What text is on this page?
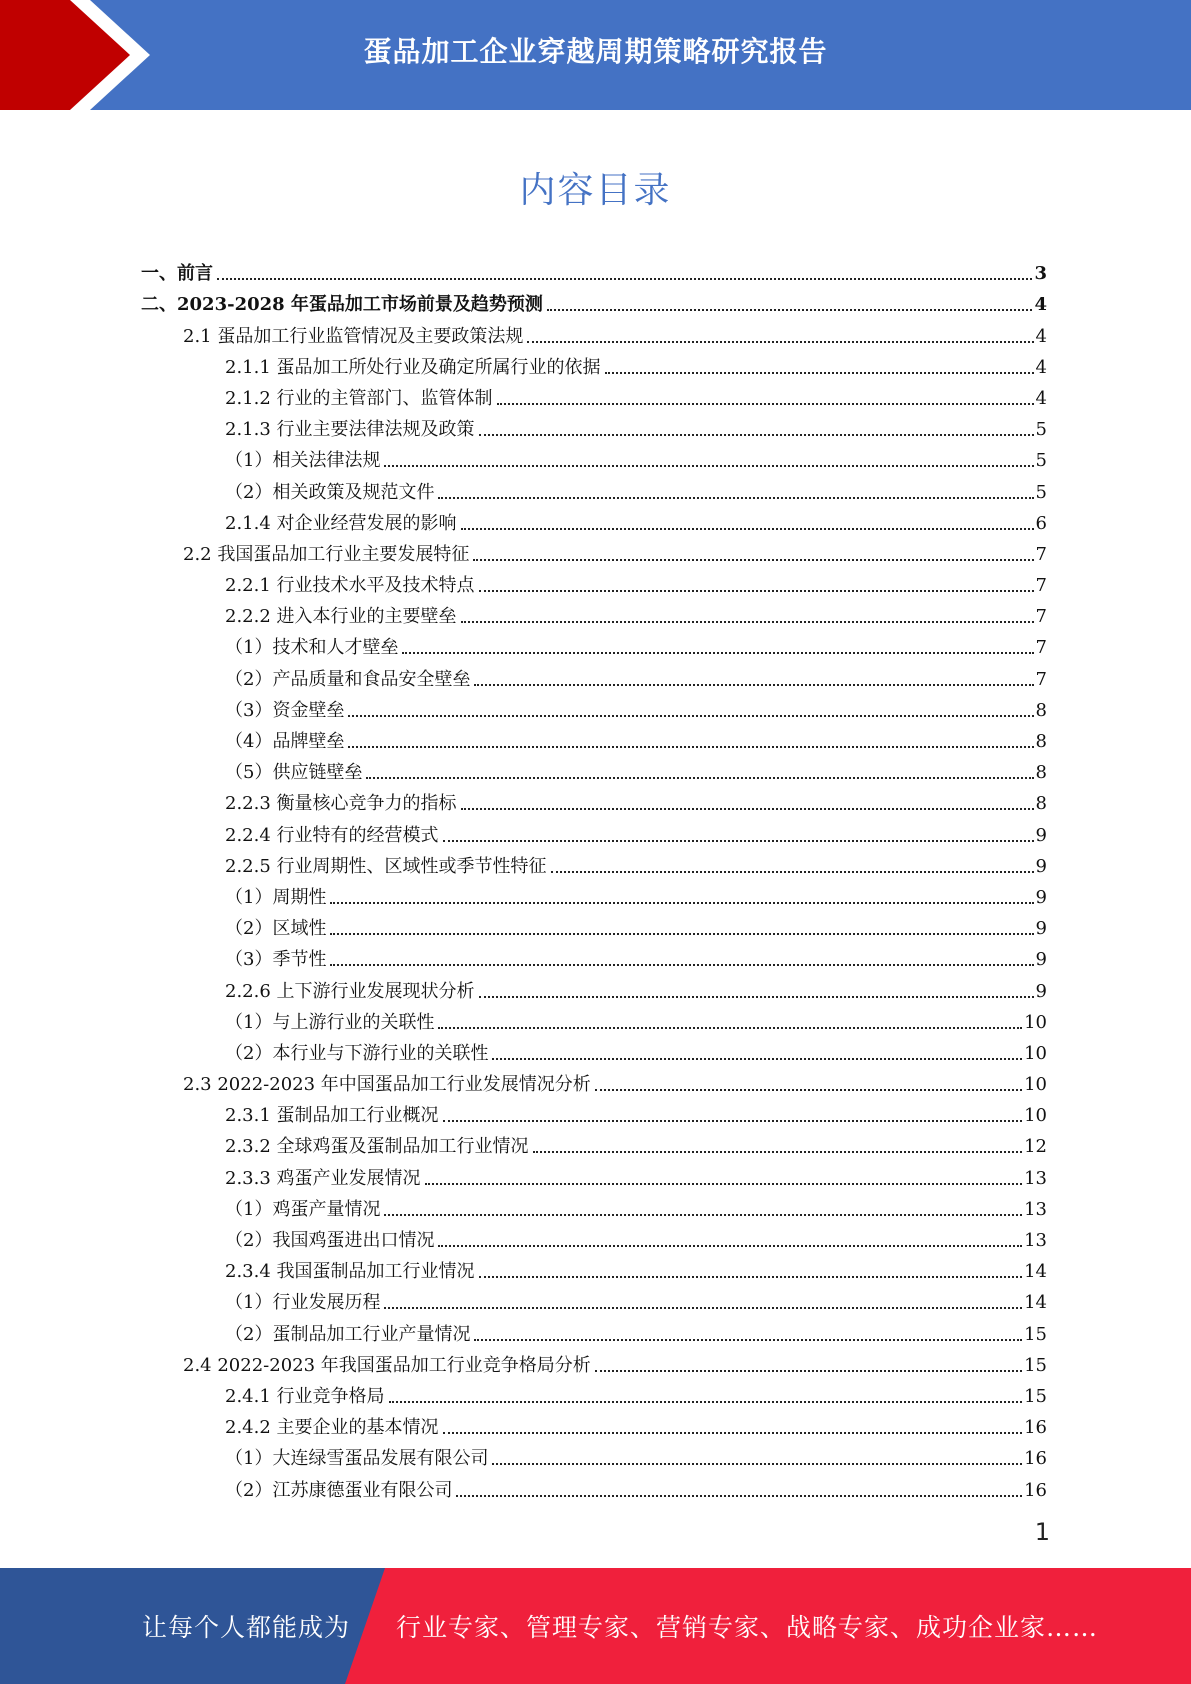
蛋品加工企业穿越周期策略研究报告
内容目录
一、前言	3
二、2023-2028 年蛋品加工市场前景及趋势预测	4
2.1 蛋品加工行业监管情况及主要政策法规	4
2.1.1 蛋品加工所处行业及确定所属行业的依据	4
2.1.2 行业的主管部门、监管体制	4
2.1.3 行业主要法律法规及政策	5
（1）相关法律法规	5
（2）相关政策及规范文件	5
2.1.4 对企业经营发展的影响	6
2.2 我国蛋品加工行业主要发展特征	7
2.2.1 行业技术水平及技术特点	7
2.2.2 进入本行业的主要壁垒	7
（1）技术和人才壁垒	7
（2）产品质量和食品安全壁垒	7
（3）资金壁垒	8
（4）品牌壁垒	8
（5）供应链壁垒	8
2.2.3 衡量核心竞争力的指标	8
2.2.4 行业特有的经营模式	9
2.2.5 行业周期性、区域性或季节性特征	9
（1）周期性	9
（2）区域性	9
（3）季节性	9
2.2.6 上下游行业发展现状分析	9
（1）与上游行业的关联性	10
（2）本行业与下游行业的关联性	10
2.3 2022-2023 年中国蛋品加工行业发展情况分析	10
2.3.1 蛋制品加工行业概况	10
2.3.2 全球鸡蛋及蛋制品加工行业情况	12
2.3.3 鸡蛋产业发展情况	13
（1）鸡蛋产量情况	13
（2）我国鸡蛋进出口情况	13
2.3.4 我国蛋制品加工行业情况	14
（1）行业发展历程	14
（2）蛋制品加工行业产量情况	15
2.4 2022-2023 年我国蛋品加工行业竞争格局分析	15
2.4.1 行业竞争格局	15
2.4.2 主要企业的基本情况	16
（1）大连绿雪蛋品发展有限公司	16
（2）江苏康德蛋业有限公司	16
1
让每个人都能成为 行业专家、管理专家、营销专家、战略专家、成功企业家……
